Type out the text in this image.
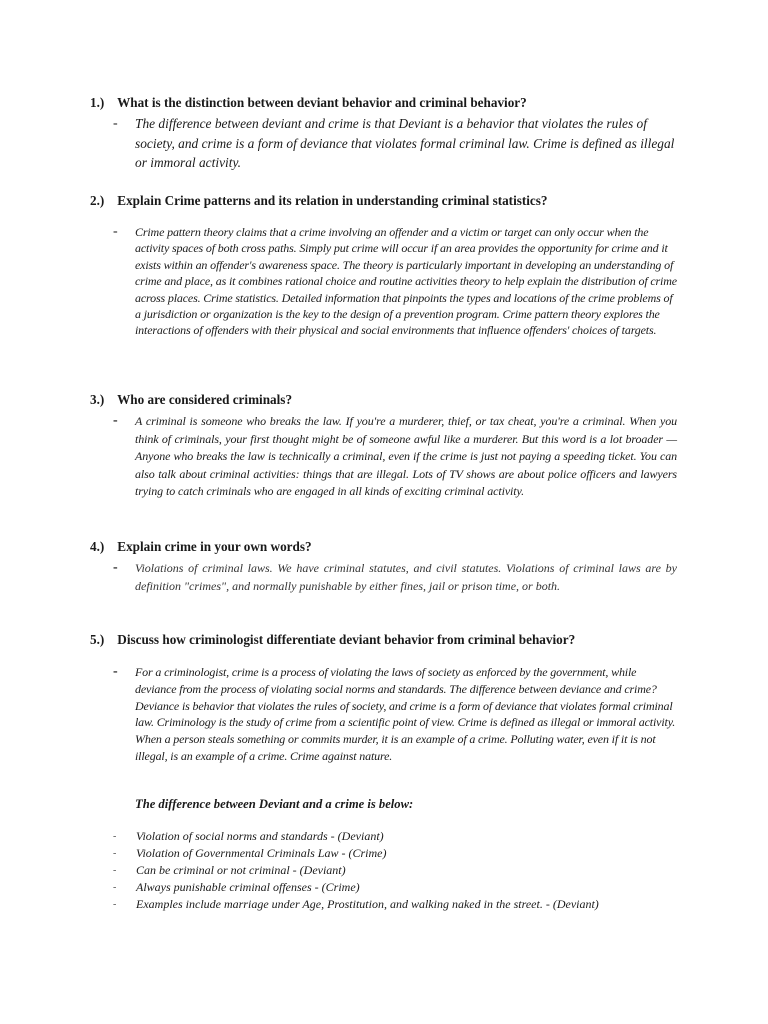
1.) What is the distinction between deviant behavior and criminal behavior?
- The difference between deviant and crime is that Deviant is a behavior that violates the rules of society, and crime is a form of deviance that violates formal criminal law. Crime is defined as illegal or immoral activity.
2.) Explain Crime patterns and its relation in understanding criminal statistics?
- Crime pattern theory claims that a crime involving an offender and a victim or target can only occur when the activity spaces of both cross paths. Simply put crime will occur if an area provides the opportunity for crime and it exists within an offender's awareness space. The theory is particularly important in developing an understanding of crime and place, as it combines rational choice and routine activities theory to help explain the distribution of crime across places. Crime statistics. Detailed information that pinpoints the types and locations of the crime problems of a jurisdiction or organization is the key to the design of a prevention program. Crime pattern theory explores the interactions of offenders with their physical and social environments that influence offenders' choices of targets.
3.) Who are considered criminals?
- A criminal is someone who breaks the law. If you're a murderer, thief, or tax cheat, you're a criminal. When you think of criminals, your first thought might be of someone awful like a murderer. But this word is a lot broader — Anyone who breaks the law is technically a criminal, even if the crime is just not paying a speeding ticket. You can also talk about criminal activities: things that are illegal. Lots of TV shows are about police officers and lawyers trying to catch criminals who are engaged in all kinds of exciting criminal activity.
4.) Explain crime in your own words?
- Violations of criminal laws. We have criminal statutes, and civil statutes. Violations of criminal laws are by definition "crimes", and normally punishable by either fines, jail or prison time, or both.
5.) Discuss how criminologist differentiate deviant behavior from criminal behavior?
- For a criminologist, crime is a process of violating the laws of society as enforced by the government, while deviance from the process of violating social norms and standards. The difference between deviance and crime? Deviance is behavior that violates the rules of society, and crime is a form of deviance that violates formal criminal law. Criminology is the study of crime from a scientific point of view. Crime is defined as illegal or immoral activity. When a person steals something or commits murder, it is an example of a crime. Polluting water, even if it is not illegal, is an example of a crime. Crime against nature.
The difference between Deviant and a crime is below:
- Violation of social norms and standards - (Deviant)
- Violation of Governmental Criminals Law - (Crime)
- Can be criminal or not criminal - (Deviant)
- Always punishable criminal offenses - (Crime)
- Examples include marriage under Age, Prostitution, and walking naked in the street. - (Deviant)
